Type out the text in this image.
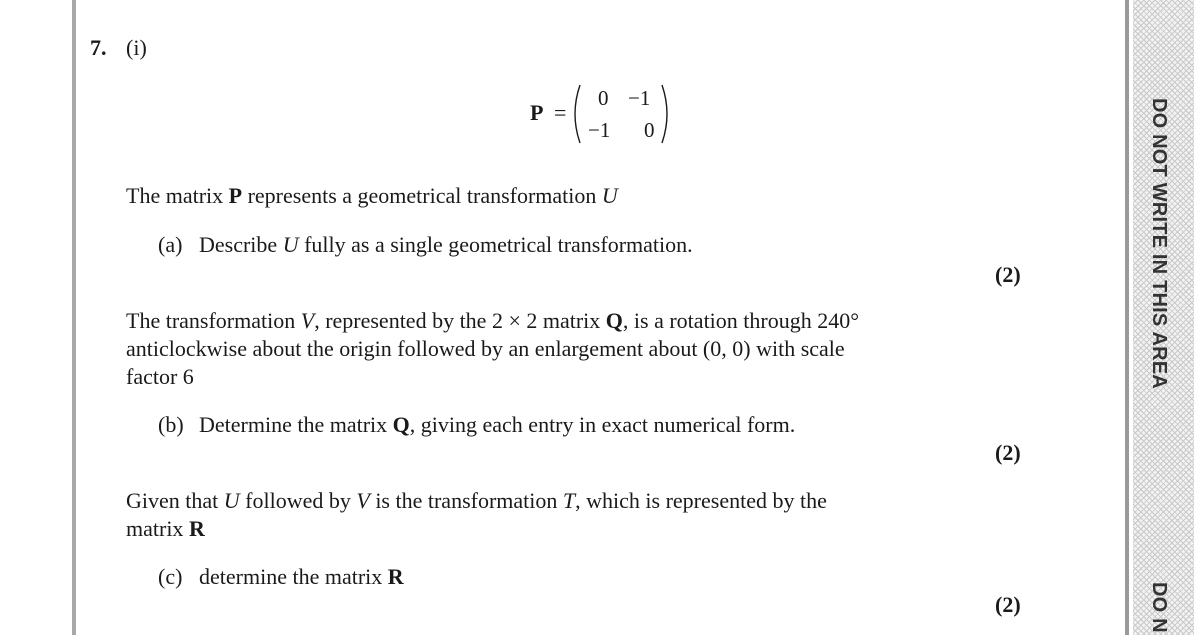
DO NOT WRITE IN THIS AREA
DO N
7. (i)
P =
0 −1
−1 0
The matrix P represents a geometrical transformation U
(a) Describe U fully as a single geometrical transformation.
(2)
The transformation V, represented by the 2 × 2 matrix Q, is a rotation through 240°
anticlockwise about the origin followed by an enlargement about (0, 0) with scale
factor 6
(b) Determine the matrix Q, giving each entry in exact numerical form.
(2)
Given that U followed by V is the transformation T, which is represented by the
matrix R
(c) determine the matrix R
(2)
